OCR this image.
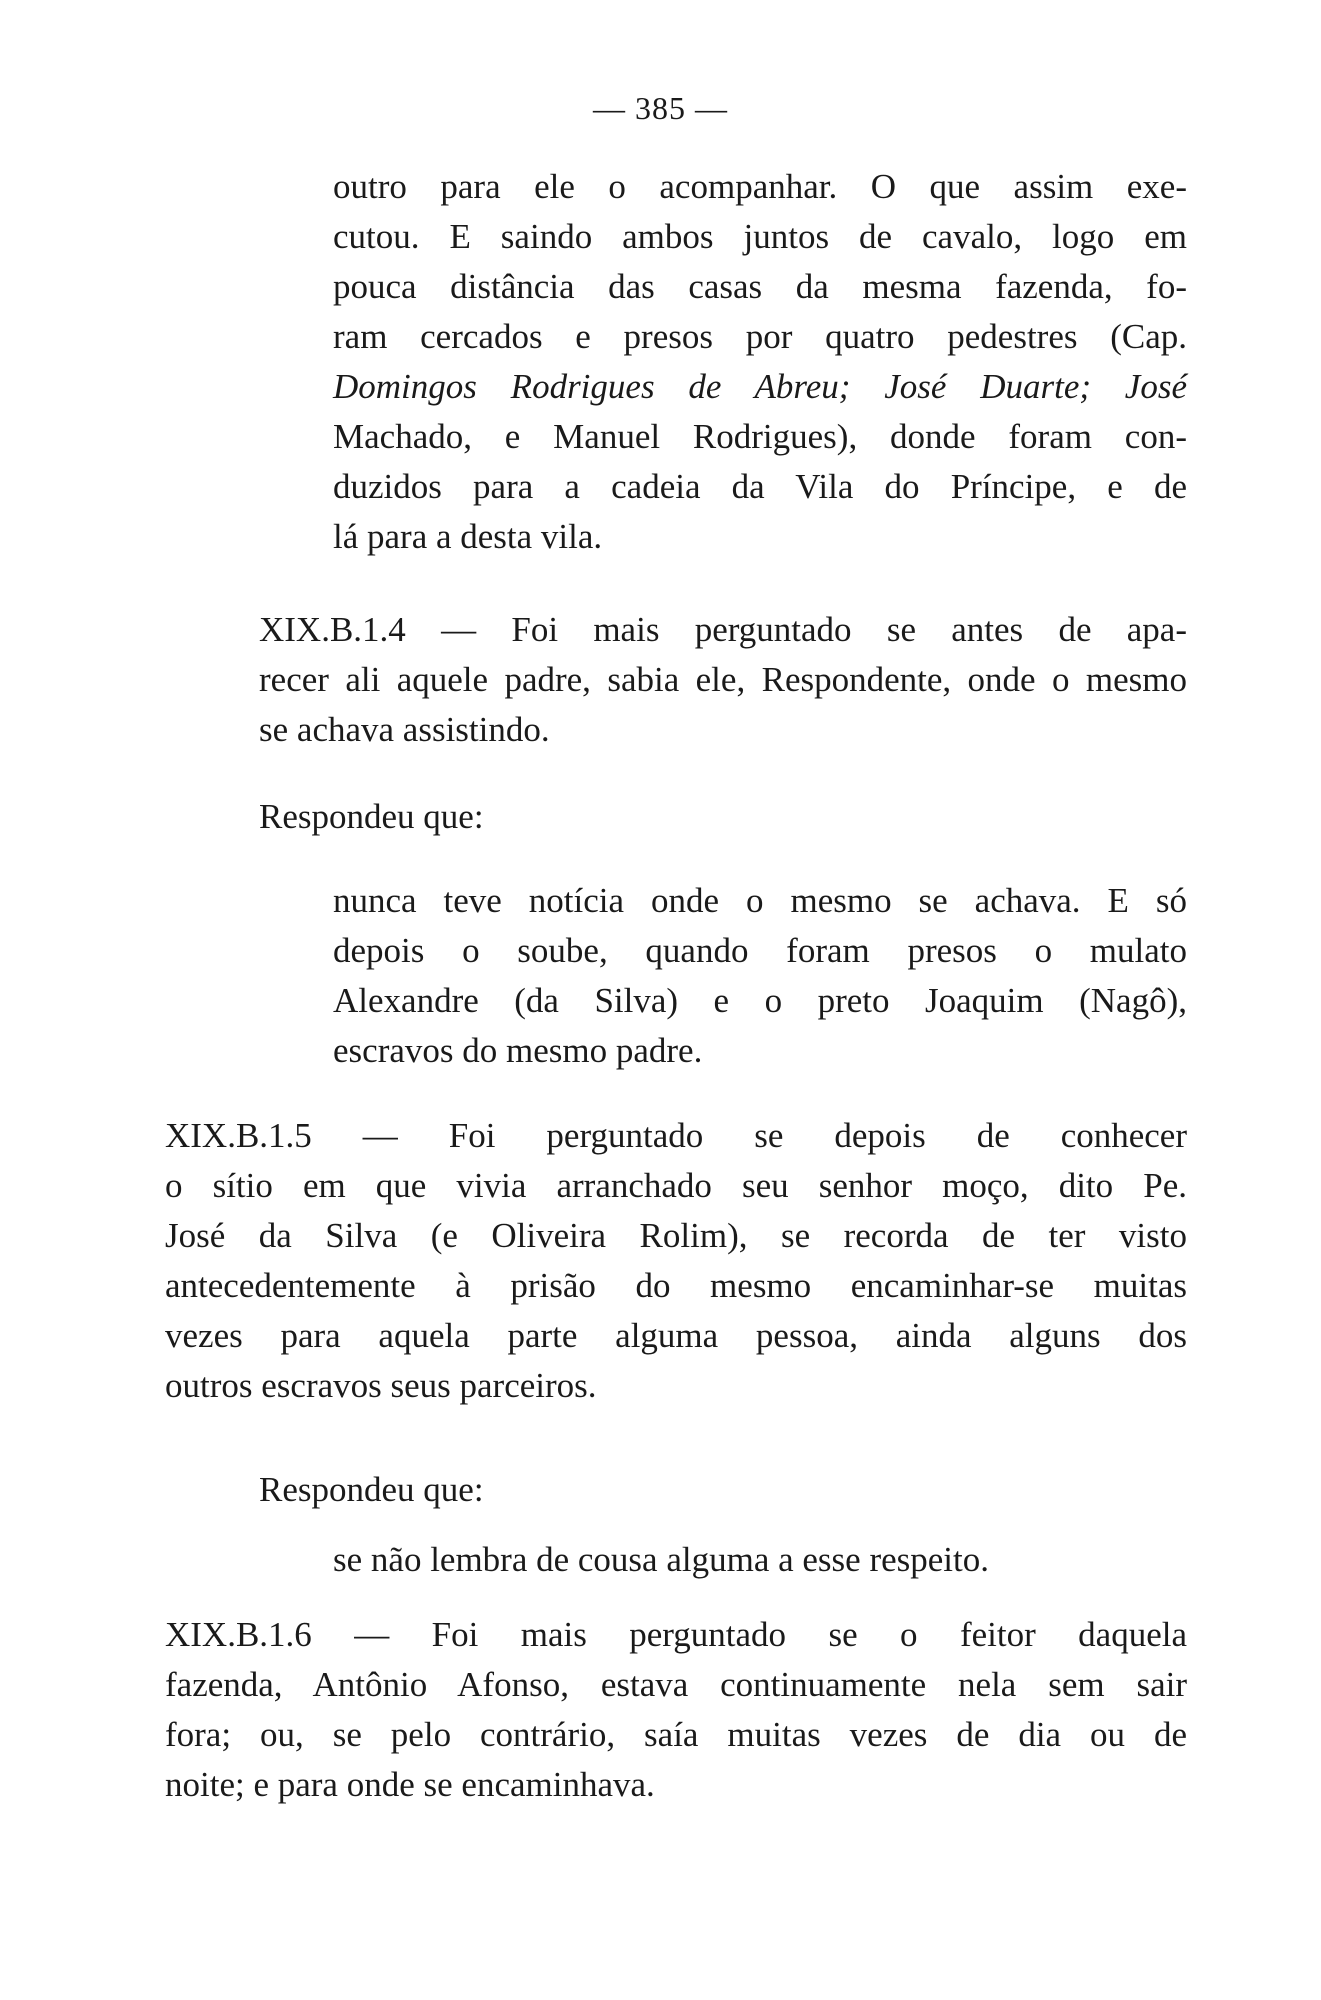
— 385 —
outro para ele o acompanhar. O que assim exe-
cutou. E saindo ambos juntos de cavalo, logo em
pouca distância das casas da mesma fazenda, fo-
ram cercados e presos por quatro pedestres (Cap.
Domingos Rodrigues de Abreu; José Duarte; José
Machado, e Manuel Rodrigues), donde foram con-
duzidos para a cadeia da Vila do Príncipe, e de
lá para a desta vila.
XIX.B.1.4 — Foi mais perguntado se antes de apa-
recer ali aquele padre, sabia ele, Respondente, onde o mesmo
se achava assistindo.
Respondeu que:
nunca teve notícia onde o mesmo se achava. E só
depois o soube, quando foram presos o mulato
Alexandre (da Silva) e o preto Joaquim (Nagô),
escravos do mesmo padre.
XIX.B.1.5 — Foi perguntado se depois de conhecer
o sítio em que vivia arranchado seu senhor moço, dito Pe.
José da Silva (e Oliveira Rolim), se recorda de ter visto
antecedentemente à prisão do mesmo encaminhar-se muitas
vezes para aquela parte alguma pessoa, ainda alguns dos
outros escravos seus parceiros.
Respondeu que:
se não lembra de cousa alguma a esse respeito.
XIX.B.1.6 — Foi mais perguntado se o feitor daquela
fazenda, Antônio Afonso, estava continuamente nela sem sair
fora; ou, se pelo contrário, saía muitas vezes de dia ou de
noite; e para onde se encaminhava.
